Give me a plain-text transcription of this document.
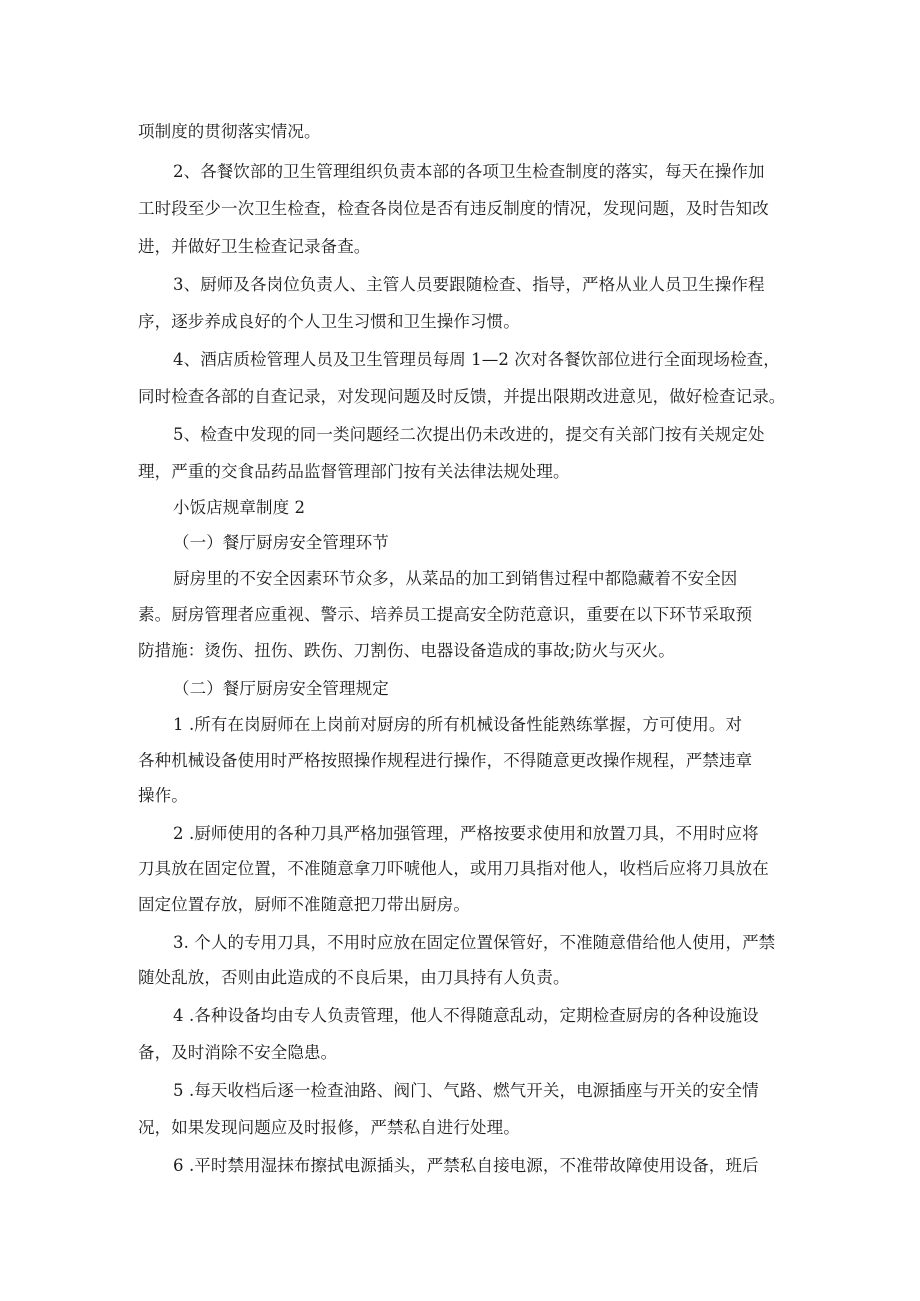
项制度的贯彻落实情况。
2、各餐饮部的卫生管理组织负责本部的各项卫生检查制度的落实，每天在操作加
工时段至少一次卫生检查，检查各岗位是否有违反制度的情况，发现问题，及时告知改
进，并做好卫生检查记录备查。
3、厨师及各岗位负责人、主管人员要跟随检查、指导，严格从业人员卫生操作程
序，逐步养成良好的个人卫生习惯和卫生操作习惯。
4、酒店质检管理人员及卫生管理员每周 1—2 次对各餐饮部位进行全面现场检查，
同时检查各部的自查记录，对发现问题及时反馈，并提出限期改进意见，做好检查记录。
5、检查中发现的同一类问题经二次提出仍未改进的，提交有关部门按有关规定处
理，严重的交食品药品监督管理部门按有关法律法规处理。
小饭店规章制度 2
（一）餐厅厨房安全管理环节
厨房里的不安全因素环节众多，从菜品的加工到销售过程中都隐藏着不安全因
素。厨房管理者应重视、警示、培养员工提高安全防范意识，重要在以下环节采取预
防措施：烫伤、扭伤、跌伤、刀割伤、电器设备造成的事故;防火与灭火。
（二）餐厅厨房安全管理规定
1 .所有在岗厨师在上岗前对厨房的所有机械设备性能熟练掌握，方可使用。对
各种机械设备使用时严格按照操作规程进行操作，不得随意更改操作规程，严禁违章
操作。
2 .厨师使用的各种刀具严格加强管理，严格按要求使用和放置刀具，不用时应将
刀具放在固定位置，不准随意拿刀吓唬他人，或用刀具指对他人，收档后应将刀具放在
固定位置存放，厨师不准随意把刀带出厨房。
3. 个人的专用刀具，不用时应放在固定位置保管好，不准随意借给他人使用，严禁
随处乱放，否则由此造成的不良后果，由刀具持有人负责。
4 .各种设备均由专人负责管理，他人不得随意乱动，定期检查厨房的各种设施设
备，及时消除不安全隐患。
5 .每天收档后逐一检查油路、阀门、气路、燃气开关，电源插座与开关的安全情
况，如果发现问题应及时报修，严禁私自进行处理。
6 .平时禁用湿抹布擦拭电源插头，严禁私自接电源，不准带故障使用设备，班后
